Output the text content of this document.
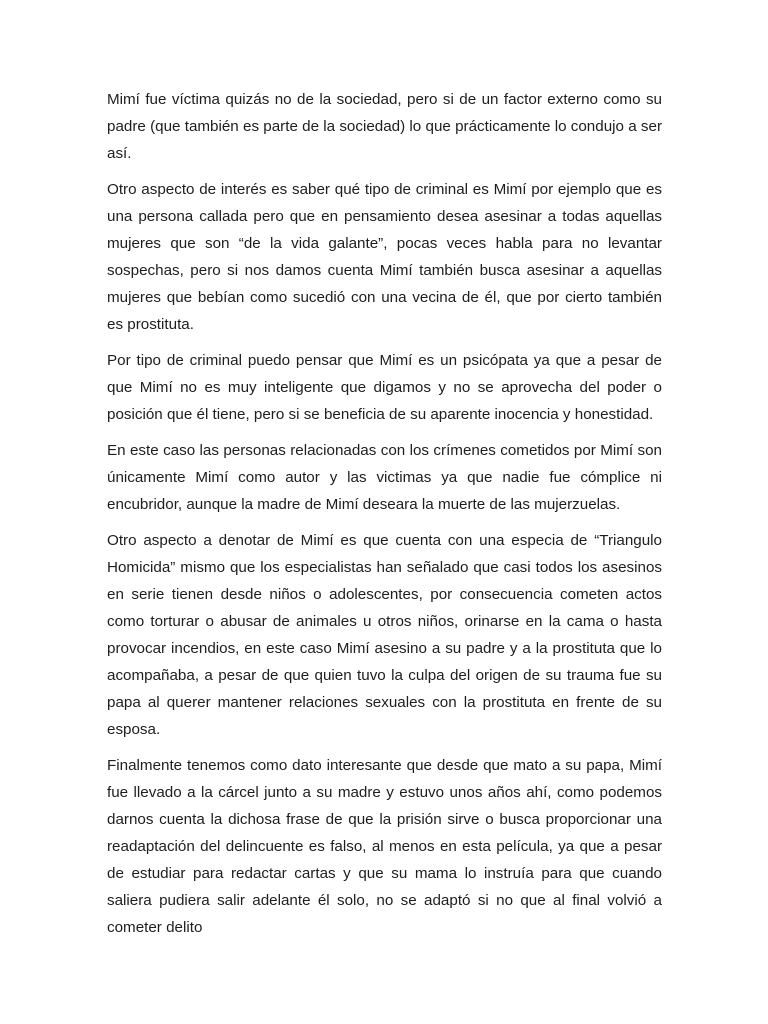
Mimí fue víctima quizás no de la sociedad, pero si de un factor externo como su padre (que también es parte de la sociedad) lo que prácticamente lo condujo a ser así.

Otro aspecto de interés es saber qué tipo de criminal es Mimí por ejemplo que es una persona callada pero que en pensamiento desea asesinar a todas aquellas mujeres que son “de la vida galante”, pocas veces habla para no levantar sospechas, pero si nos damos cuenta Mimí también busca asesinar a aquellas mujeres que bebían como sucedió con una vecina de él, que por cierto también es prostituta.

Por tipo de criminal puedo pensar que Mimí es un psicópata ya que a pesar de que Mimí no es muy inteligente que digamos y no se aprovecha del poder o posición que él tiene, pero si se beneficia de su aparente inocencia y honestidad.

En este caso las personas relacionadas con los crímenes cometidos por Mimí son únicamente Mimí como autor y las victimas ya que nadie fue cómplice ni encubridor, aunque la madre de Mimí deseara la muerte de las mujerzuelas.

Otro aspecto a denotar de Mimí es que cuenta con una especia de “Triangulo Homicida” mismo que los especialistas han señalado que casi todos los asesinos en serie tienen desde niños o adolescentes, por consecuencia cometen actos como torturar o abusar de animales u otros niños, orinarse en la cama o hasta provocar incendios, en este caso Mimí asesino a su padre y a la prostituta que lo acompañaba, a pesar de que quien tuvo la culpa del origen de su trauma fue su papa al querer mantener relaciones sexuales con la prostituta en frente de su esposa.

Finalmente tenemos como dato interesante que desde que mato a su papa, Mimí fue llevado a la cárcel junto a su madre y estuvo unos años ahí, como podemos darnos cuenta la dichosa frase de que la prisión sirve o busca proporcionar una readaptación del delincuente es falso, al menos en esta película, ya que a pesar de estudiar para redactar cartas y que su mama lo instruía para que cuando saliera pudiera salir adelante él solo, no se adaptó si no que al final volvió a cometer delito
